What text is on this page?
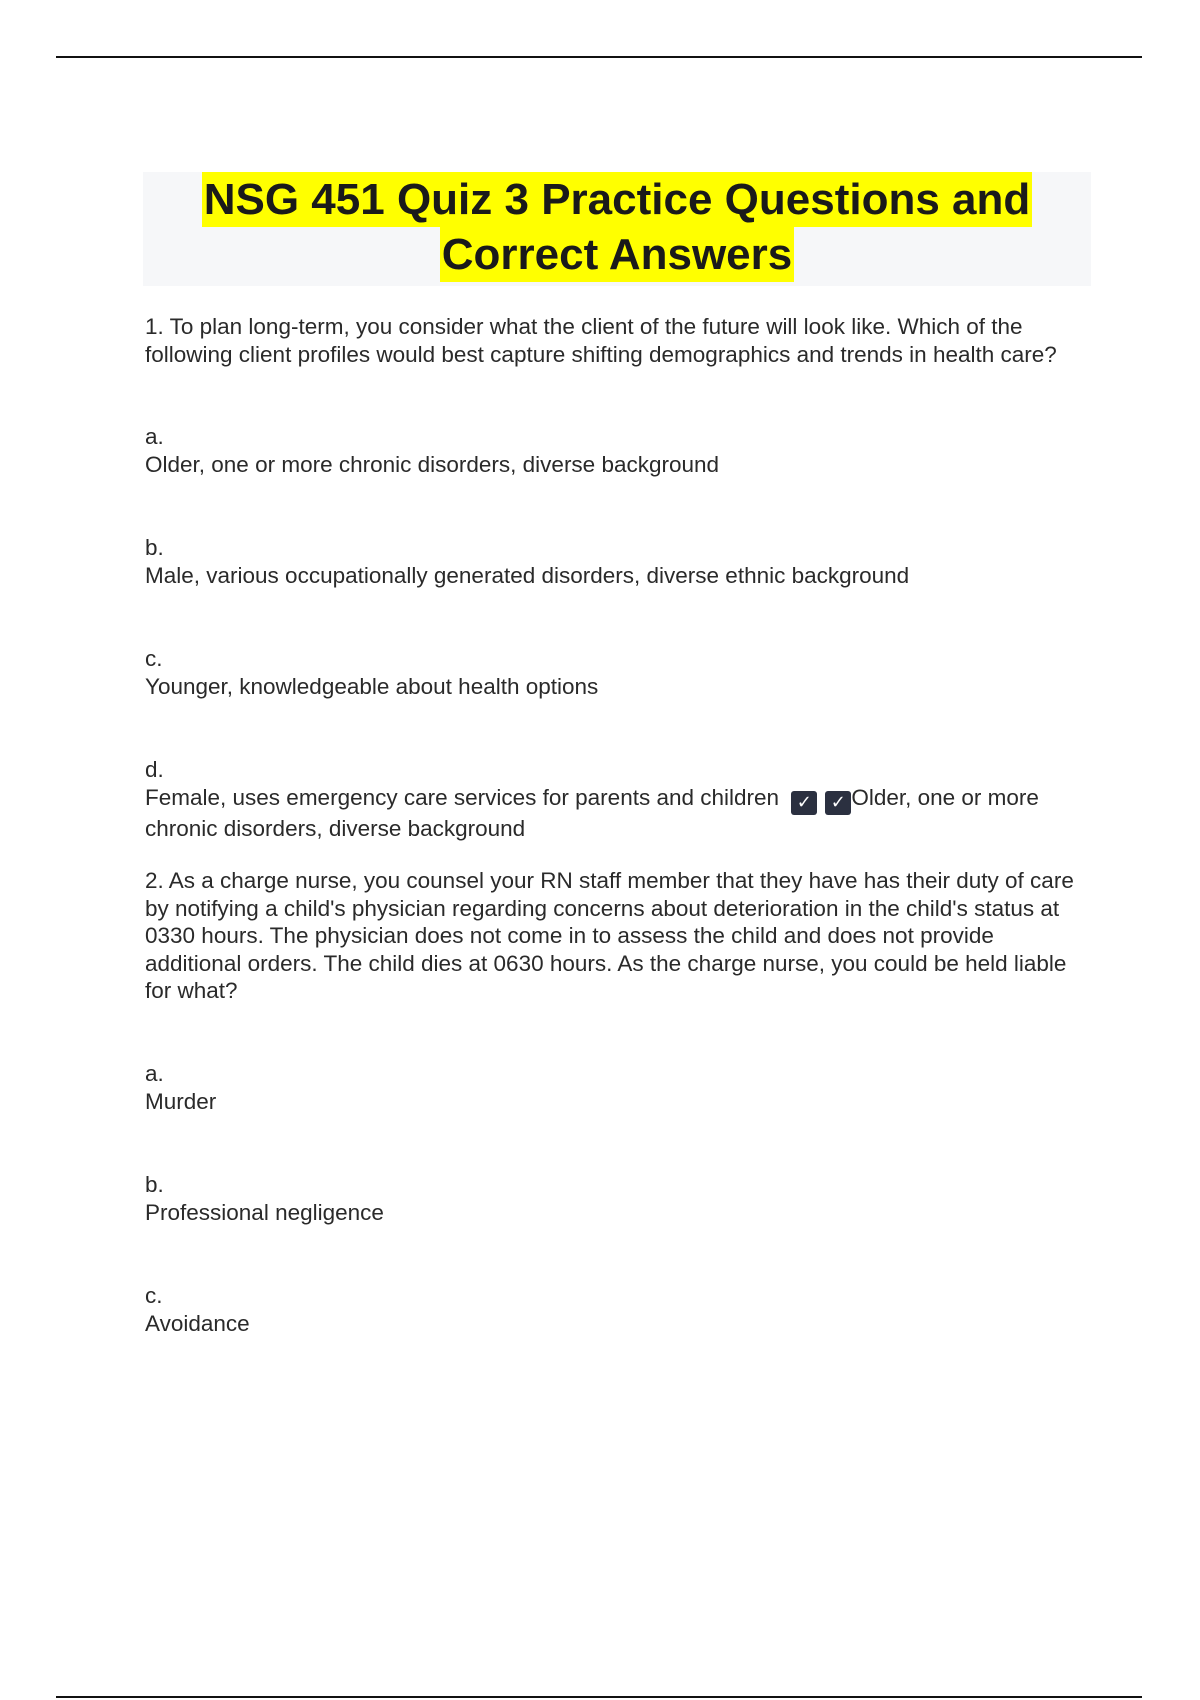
NSG 451 Quiz 3 Practice Questions and
Correct Answers

1. To plan long-term, you consider what the client of the future will look like. Which of the following client profiles would best capture shifting demographics and trends in health care?

a.
Older, one or more chronic disorders, diverse background
b.
Male, various occupationally generated disorders, diverse ethnic background
c.
Younger, knowledgeable about health options
d.
Female, uses emergency care services for parents and children ✓ ✓ Older, one or more chronic disorders, diverse background

2. As a charge nurse, you counsel your RN staff member that they have has their duty of care by notifying a child's physician regarding concerns about deterioration in the child's status at 0330 hours. The physician does not come in to assess the child and does not provide additional orders. The child dies at 0630 hours. As the charge nurse, you could be held liable for what?

a.
Murder
b.
Professional negligence
c.
Avoidance
